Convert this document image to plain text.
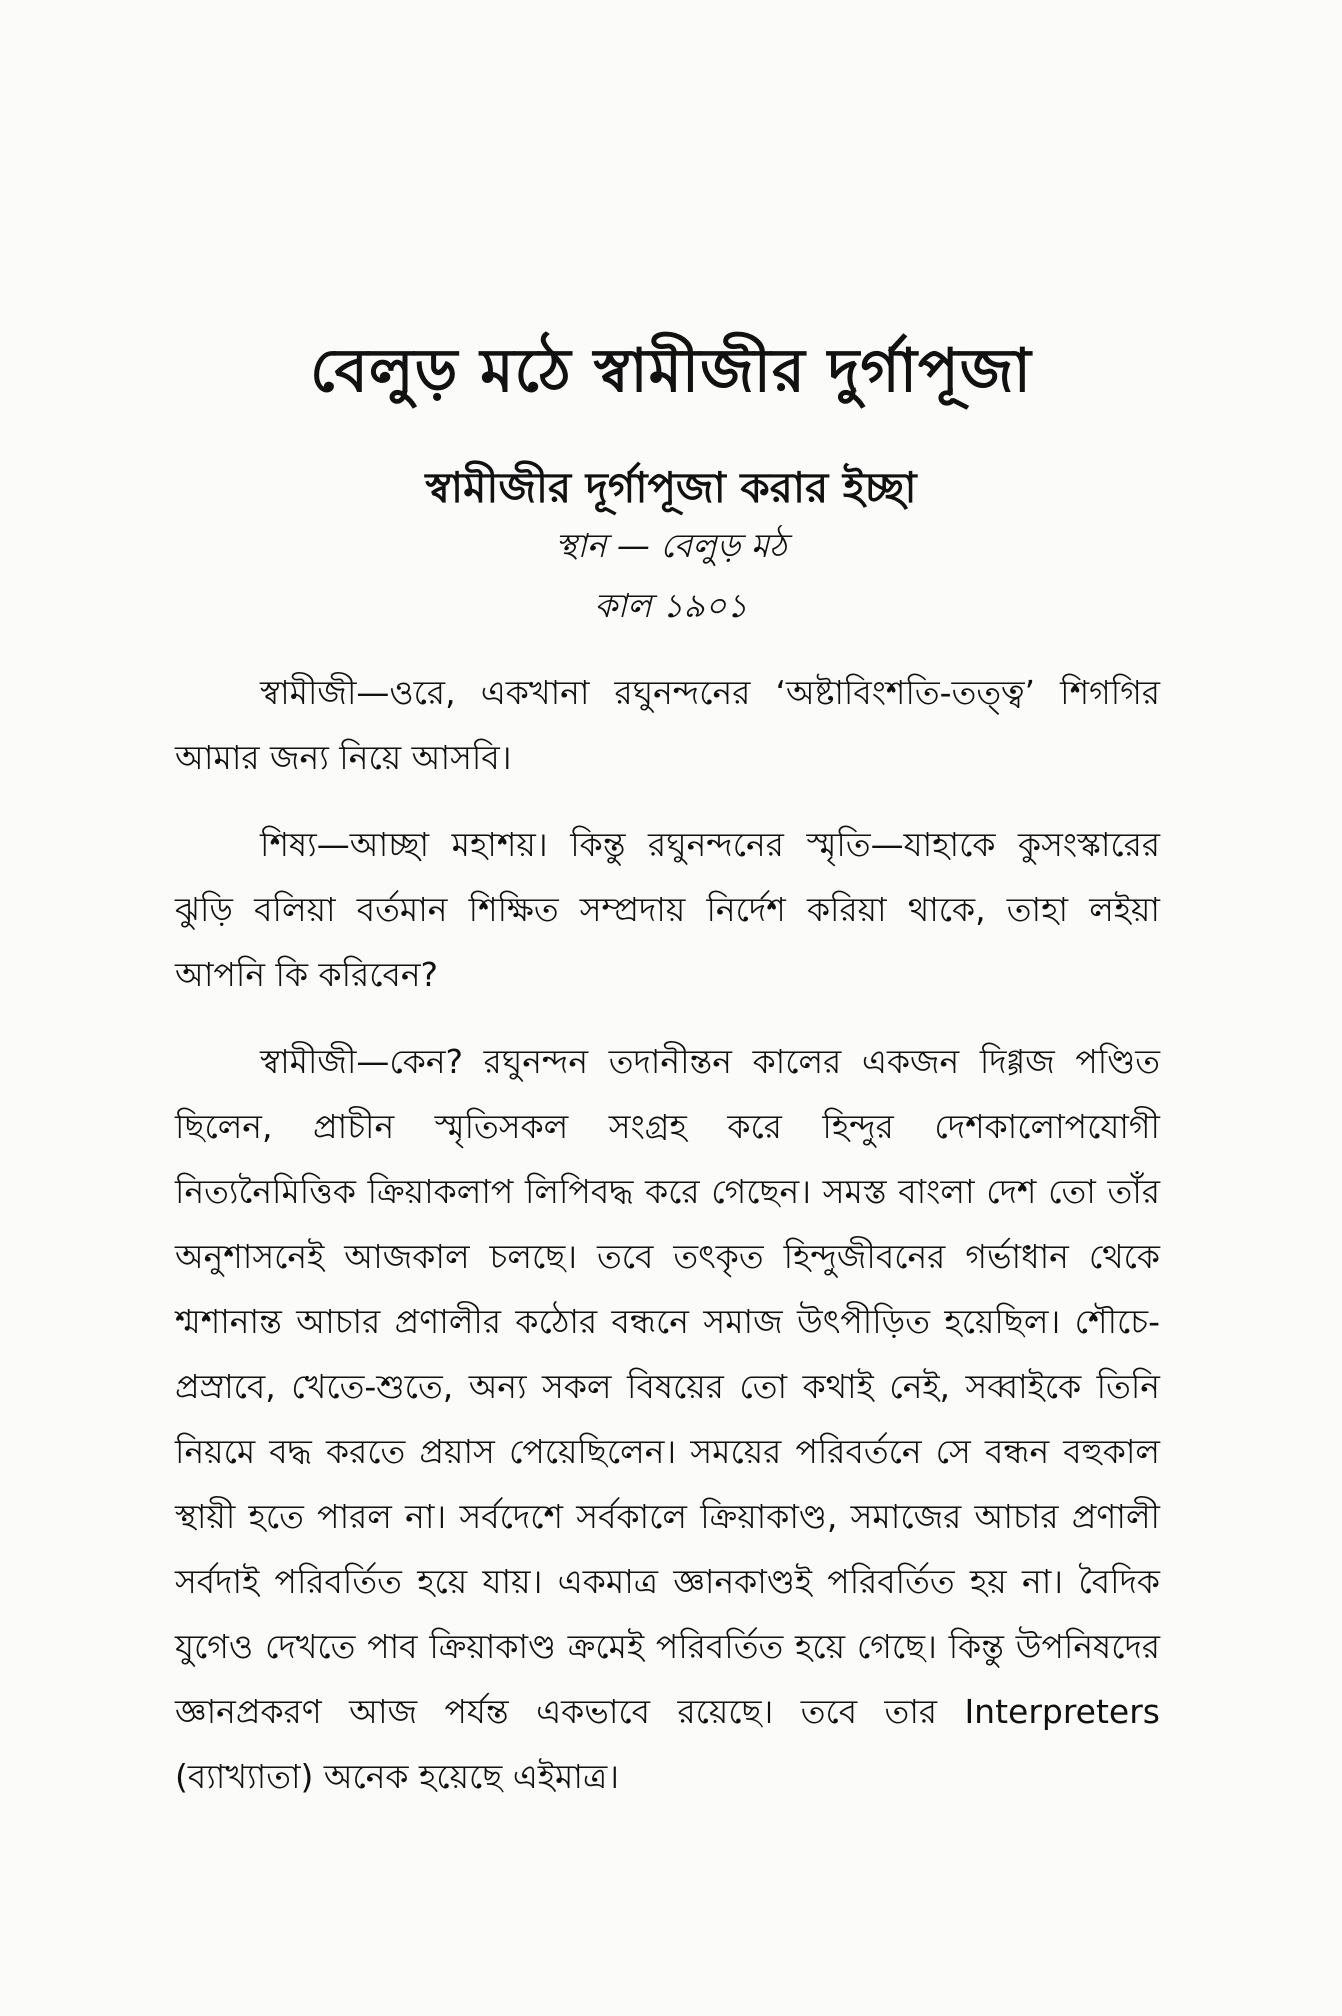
বেলুড় মঠে স্বামীজীর দুর্গাপূজা
স্বামীজীর দূর্গাপূজা করার ইচ্ছা
স্থান — বেলুড় মঠ
কাল ১৯০১

স্বামীজী—ওরে, একখানা রঘুনন্দনের ‘অষ্টাবিংশতি-তত্ত্ব’ শিগগির আমার জন্য নিয়ে আসবি।

শিষ্য—আচ্ছা মহাশয়। কিন্তু রঘুনন্দনের স্মৃতি—যাহাকে কুসংস্কারের ঝুড়ি বলিয়া বর্তমান শিক্ষিত সম্প্রদায় নির্দেশ করিয়া থাকে, তাহা লইয়া আপনি কি করিবেন?

স্বামীজী—কেন? রঘুনন্দন তদানীন্তন কালের একজন দিগ্গজ পণ্ডিত ছিলেন, প্রাচীন স্মৃতিসকল সংগ্রহ করে হিন্দুর দেশকালোপযোগী নিত্যনৈমিত্তিক ক্রিয়াকলাপ লিপিবদ্ধ করে গেছেন। সমস্ত বাংলা দেশ তো তাঁর অনুশাসনেই আজকাল চলছে। তবে তৎকৃত হিন্দুজীবনের গর্ভাধান থেকে শ্মশানান্ত আচার প্রণালীর কঠোর বন্ধনে সমাজ উৎপীড়িত হয়েছিল। শৌচে-প্রস্রাবে, খেতে-শুতে, অন্য সকল বিষয়ের তো কথাই নেই, সব্বাইকে তিনি নিয়মে বদ্ধ করতে প্রয়াস পেয়েছিলেন। সময়ের পরিবর্তনে সে বন্ধন বহুকাল স্থায়ী হতে পারল না। সর্বদেশে সর্বকালে ক্রিয়াকাণ্ড, সমাজের আচার প্রণালী সর্বদাই পরিবর্তিত হয়ে যায়। একমাত্র জ্ঞানকাণ্ডই পরিবর্তিত হয় না। বৈদিক যুগেও দেখতে পাব ক্রিয়াকাণ্ড ক্রমেই পরিবর্তিত হয়ে গেছে। কিন্তু উপনিষদের জ্ঞানপ্রকরণ আজ পর্যন্ত একভাবে রয়েছে। তবে তার Interpreters (ব্যাখ্যাতা) অনেক হয়েছে এইমাত্র।
